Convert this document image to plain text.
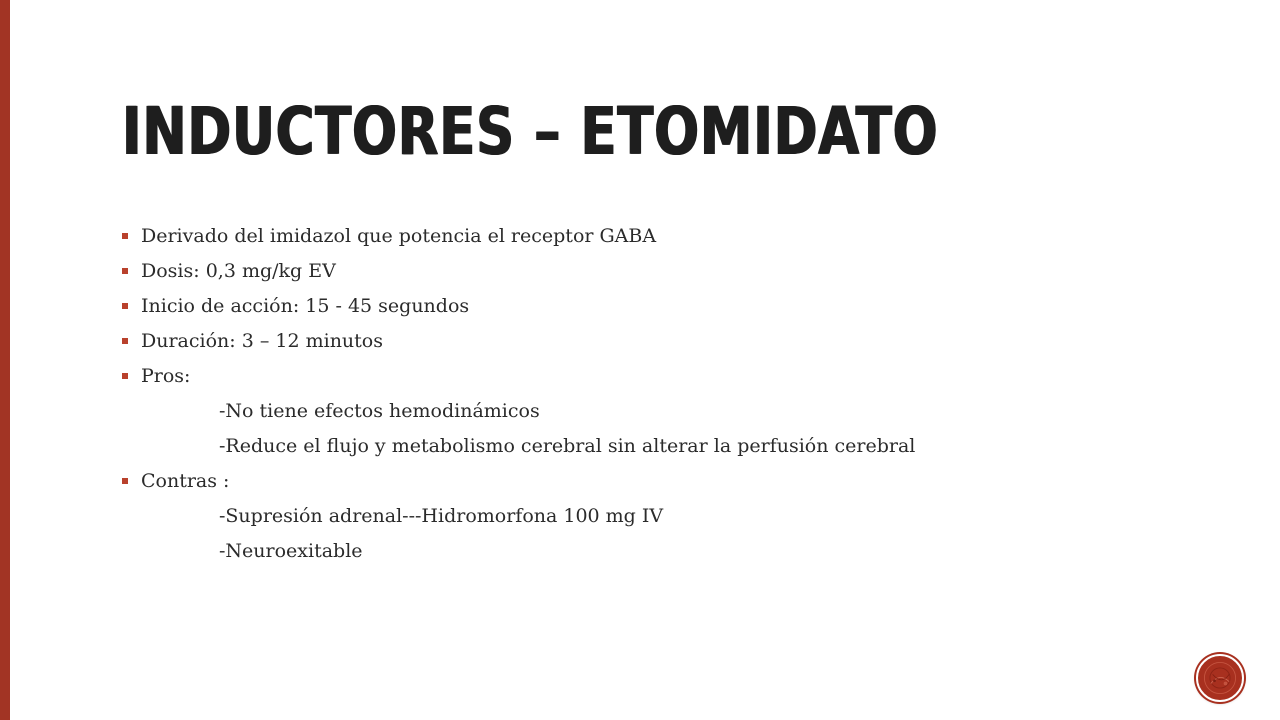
INDUCTORES – ETOMIDATO
Derivado del imidazol que potencia el receptor GABA
Dosis: 0,3 mg/kg EV
Inicio de acción: 15 - 45 segundos
Duración: 3 – 12 minutos
Pros:
-No tiene efectos hemodinámicos
-Reduce el flujo y metabolismo cerebral sin alterar la perfusión cerebral
Contras :
-Supresión adrenal---Hidromorfona 100 mg IV
-Neuroexitable
